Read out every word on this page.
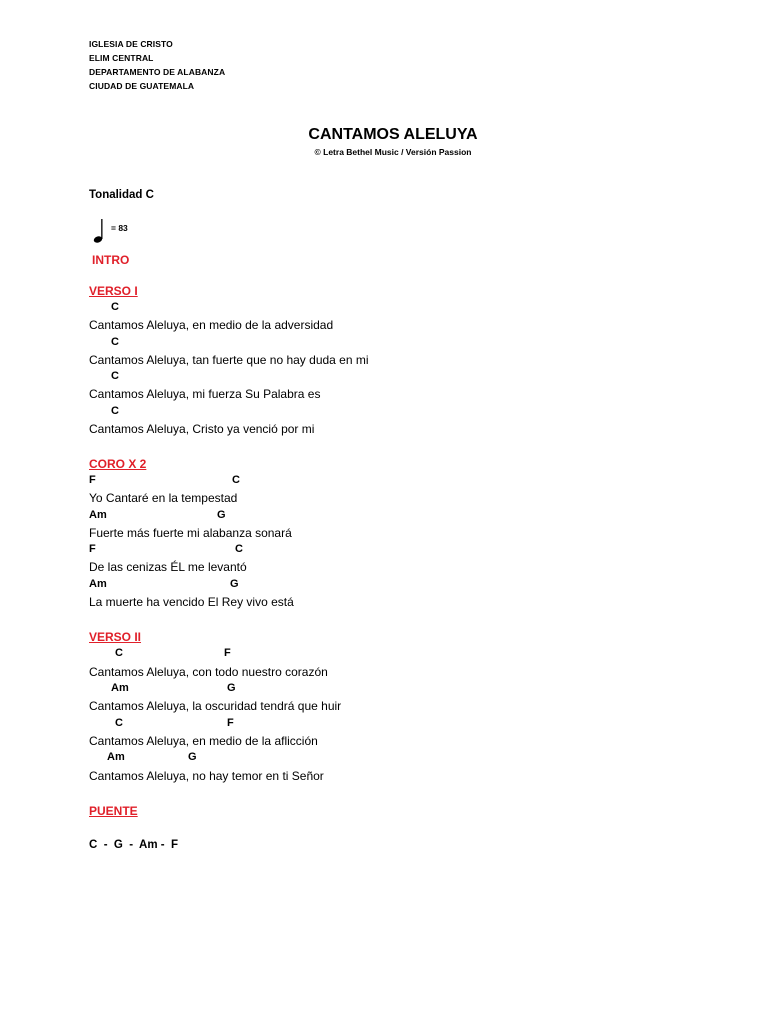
IGLESIA DE CRISTO
ELIM CENTRAL
DEPARTAMENTO DE ALABANZA
CIUDAD DE GUATEMALA
CANTAMOS ALELUYA
© Letra Bethel Music / Versión Passion
Tonalidad C
= 83
INTRO
VERSO I
C
Cantamos Aleluya, en medio de la adversidad
C
Cantamos Aleluya, tan fuerte que no hay duda en mi
C
Cantamos Aleluya, mi fuerza Su Palabra es
C
Cantamos Aleluya, Cristo ya venció por mi
CORO X 2
F	C
Yo Cantaré en la tempestad
Am	G
Fuerte más fuerte mi alabanza sonará
F	C
De las cenizas ÉL me levantó
Am	G
La muerte ha vencido El Rey vivo está
VERSO II
C	F
Cantamos Aleluya, con todo nuestro corazón
Am	G
Cantamos Aleluya, la oscuridad tendrá que huir
C	F
Cantamos Aleluya, en medio de la aflicción
Am	G
Cantamos Aleluya, no hay temor en ti Señor
PUENTE
C  -  G  -  Am -  F
